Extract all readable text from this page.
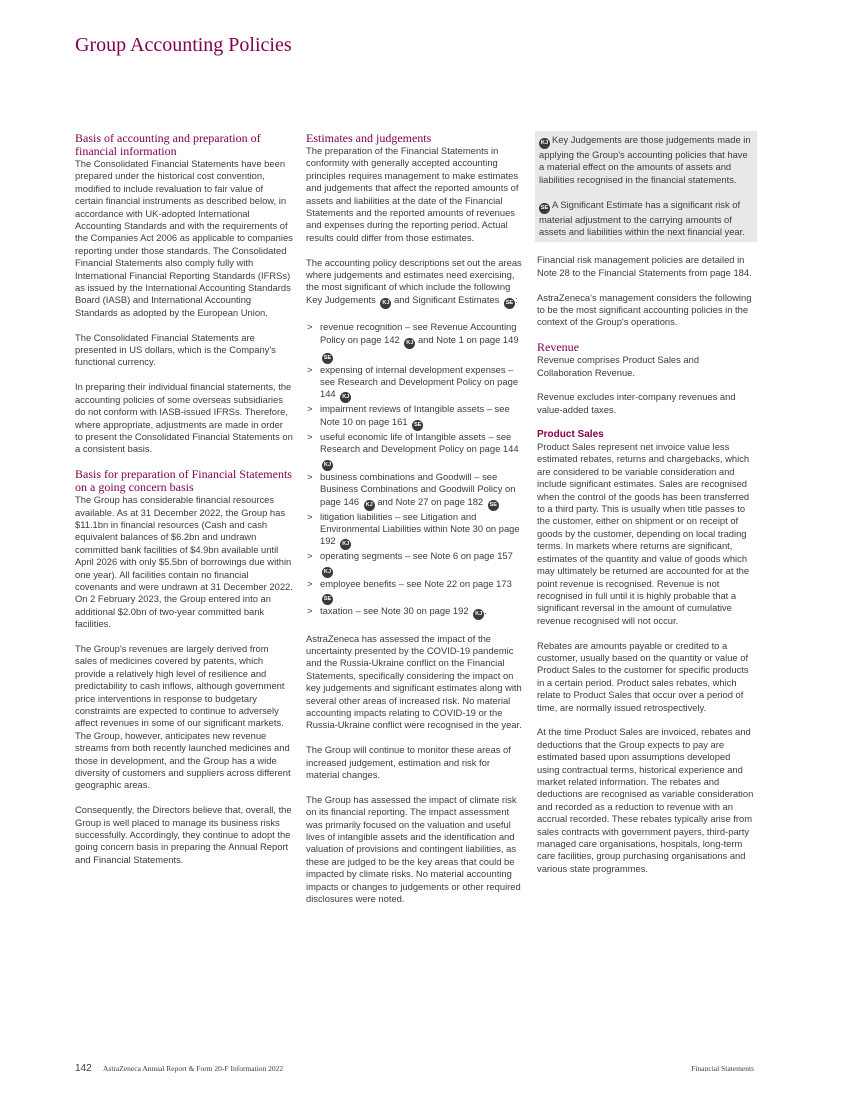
Group Accounting Policies
Basis of accounting and preparation of financial information

The Consolidated Financial Statements have been prepared under the historical cost convention, modified to include revaluation to fair value of certain financial instruments as described below, in accordance with UK-adopted International Accounting Standards and with the requirements of the Companies Act 2006 as applicable to companies reporting under those standards. The Consolidated Financial Statements also comply fully with International Financial Reporting Standards (IFRSs) as issued by the International Accounting Standards Board (IASB) and International Accounting Standards as adopted by the European Union.

The Consolidated Financial Statements are presented in US dollars, which is the Company's functional currency.

In preparing their individual financial statements, the accounting policies of some overseas subsidiaries do not conform with IASB-issued IFRSs. Therefore, where appropriate, adjustments are made in order to present the Consolidated Financial Statements on a consistent basis.

Basis for preparation of Financial Statements on a going concern basis

The Group has considerable financial resources available. As at 31 December 2022, the Group has $11.1bn in financial resources (Cash and cash equivalent balances of $6.2bn and undrawn committed bank facilities of $4.9bn available until April 2026 with only $5.5bn of borrowings due within one year). All facilities contain no financial covenants and were undrawn at 31 December 2022. On 2 February 2023, the Group entered into an additional $2.0bn of two-year committed bank facilities.

The Group's revenues are largely derived from sales of medicines covered by patents, which provide a relatively high level of resilience and predictability to cash inflows, although government price interventions in response to budgetary constraints are expected to continue to adversely affect revenues in some of our significant markets. The Group, however, anticipates new revenue streams from both recently launched medicines and those in development, and the Group has a wide diversity of customers and suppliers across different geographic areas.

Consequently, the Directors believe that, overall, the Group is well placed to manage its business risks successfully. Accordingly, they continue to adopt the going concern basis in preparing the Annual Report and Financial Statements.

Estimates and judgements

The preparation of the Financial Statements in conformity with generally accepted accounting principles requires management to make estimates and judgements that affect the reported amounts of assets and liabilities at the date of the Financial Statements and the reported amounts of revenues and expenses during the reporting period. Actual results could differ from those estimates.

The accounting policy descriptions set out the areas where judgements and estimates need exercising, the most significant of which include the following Key Judgements KJ and Significant Estimates SE :

> revenue recognition – see Revenue Accounting Policy on page 142 KJ and Note 1 on page 149 SE
> expensing of internal development expenses – see Research and Development Policy on page 144 KJ
> impairment reviews of Intangible assets – see Note 10 on page 161 SE
> useful economic life of Intangible assets – see Research and Development Policy on page 144 KJ
> business combinations and Goodwill – see Business Combinations and Goodwill Policy on page 146 KJ and Note 27 on page 182 SE
> litigation liabilities – see Litigation and Environmental Liabilities within Note 30 on page 192 KJ
> operating segments – see Note 6 on page 157 KJ
> employee benefits – see Note 22 on page 173 SE
> taxation – see Note 30 on page 192 KJ .

AstraZeneca has assessed the impact of the uncertainty presented by the COVID-19 pandemic and the Russia-Ukraine conflict on the Financial Statements, specifically considering the impact on key judgements and significant estimates along with several other areas of increased risk. No material accounting impacts relating to COVID-19 or the Russia-Ukraine conflict were recognised in the year.

The Group will continue to monitor these areas of increased judgement, estimation and risk for material changes.

The Group has assessed the impact of climate risk on its financial reporting. The impact assessment was primarily focused on the valuation and useful lives of intangible assets and the identification and valuation of provisions and contingent liabilities, as these are judged to be the key areas that could be impacted by climate risks. No material accounting impacts or changes to judgements or other required disclosures were noted.

KJ Key Judgements are those judgements made in applying the Group's accounting policies that have a material effect on the amounts of assets and liabilities recognised in the financial statements.

SE A Significant Estimate has a significant risk of material adjustment to the carrying amounts of assets and liabilities within the next financial year.

Financial risk management policies are detailed in Note 28 to the Financial Statements from page 184.

AstraZeneca's management considers the following to be the most significant accounting policies in the context of the Group's operations.

Revenue

Revenue comprises Product Sales and Collaboration Revenue.

Revenue excludes inter-company revenues and value-added taxes.

Product Sales

Product Sales represent net invoice value less estimated rebates, returns and chargebacks, which are considered to be variable consideration and include significant estimates. Sales are recognised when the control of the goods has been transferred to a third party. This is usually when title passes to the customer, either on shipment or on receipt of goods by the customer, depending on local trading terms. In markets where returns are significant, estimates of the quantity and value of goods which may ultimately be returned are accounted for at the point revenue is recognised. Revenue is not recognised in full until it is highly probable that a significant reversal in the amount of cumulative revenue recognised will not occur.

Rebates are amounts payable or credited to a customer, usually based on the quantity or value of Product Sales to the customer for specific products in a certain period. Product sales rebates, which relate to Product Sales that occur over a period of time, are normally issued retrospectively.

At the time Product Sales are invoiced, rebates and deductions that the Group expects to pay are estimated based upon assumptions developed using contractual terms, historical experience and market related information. The rebates and deductions are recognised as variable consideration and recorded as a reduction to revenue with an accrual recorded. These rebates typically arise from sales contracts with government payers, third-party managed care organisations, hospitals, long-term care facilities, group purchasing organisations and various state programmes.

142 AstraZeneca Annual Report & Form 20-F Information 2022	Financial Statements
